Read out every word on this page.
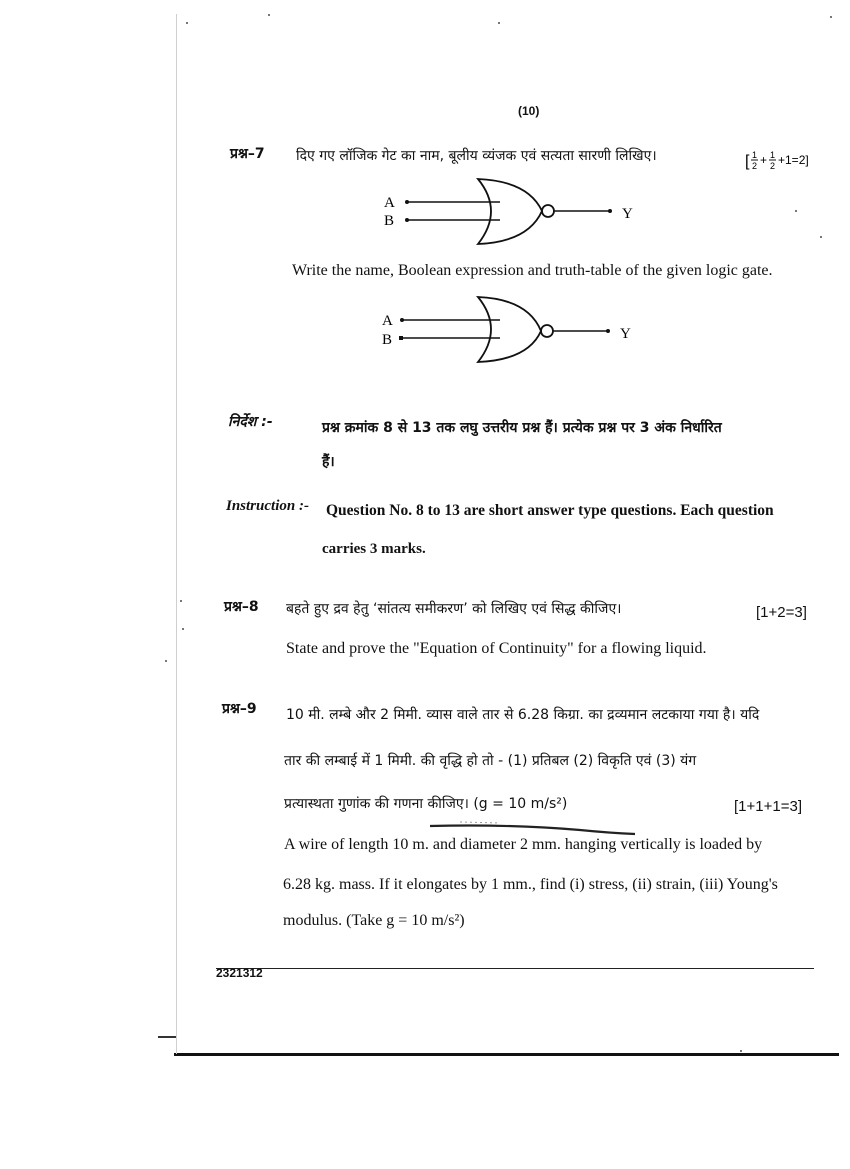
(10)
प्रश्न–7 दिए गए लॉजिक गेट का नाम, बूलीय व्यंजक एवं सत्यता सारणी लिखिए।	[ 1
2 + 1
2 +1=2]
A
B	Y
Write the name, Boolean expression and truth-table of the given logic gate.
A
B	Y
निर्देश :-	प्रश्न क्रमांक 8 से 13 तक लघु उत्तरीय प्रश्न हैं। प्रत्येक प्रश्न पर 3 अंक निर्धारित
हैं।
Instruction :- Question No. 8 to 13 are short answer type questions. Each question
carries 3 marks.
प्रश्न–8 बहते हुए द्रव हेतु ‘सांतत्य समीकरण’ को लिखिए एवं सिद्ध कीजिए।	[1+2=3]
State and prove the "Equation of Continuity" for a flowing liquid.
प्रश्न–9 10 मी. लम्बे और 2 मिमी. व्यास वाले तार से 6.28 किग्रा. का द्रव्यमान लटकाया गया है। यदि
तार की लम्बाई में 1 मिमी. की वृद्धि हो तो - (1) प्रतिबल (2) विकृति एवं (3) यंग
प्रत्यास्थता गुणांक की गणना कीजिए। (g = 10 m/s²)	[1+1+1=3]
A wire of length 10 m. and diameter 2 mm. hanging vertically is loaded by
6.28 kg. mass. If it elongates by 1 mm., find (i) stress, (ii) strain, (iii) Young's
modulus. (Take g = 10 m/s²)
2321312
